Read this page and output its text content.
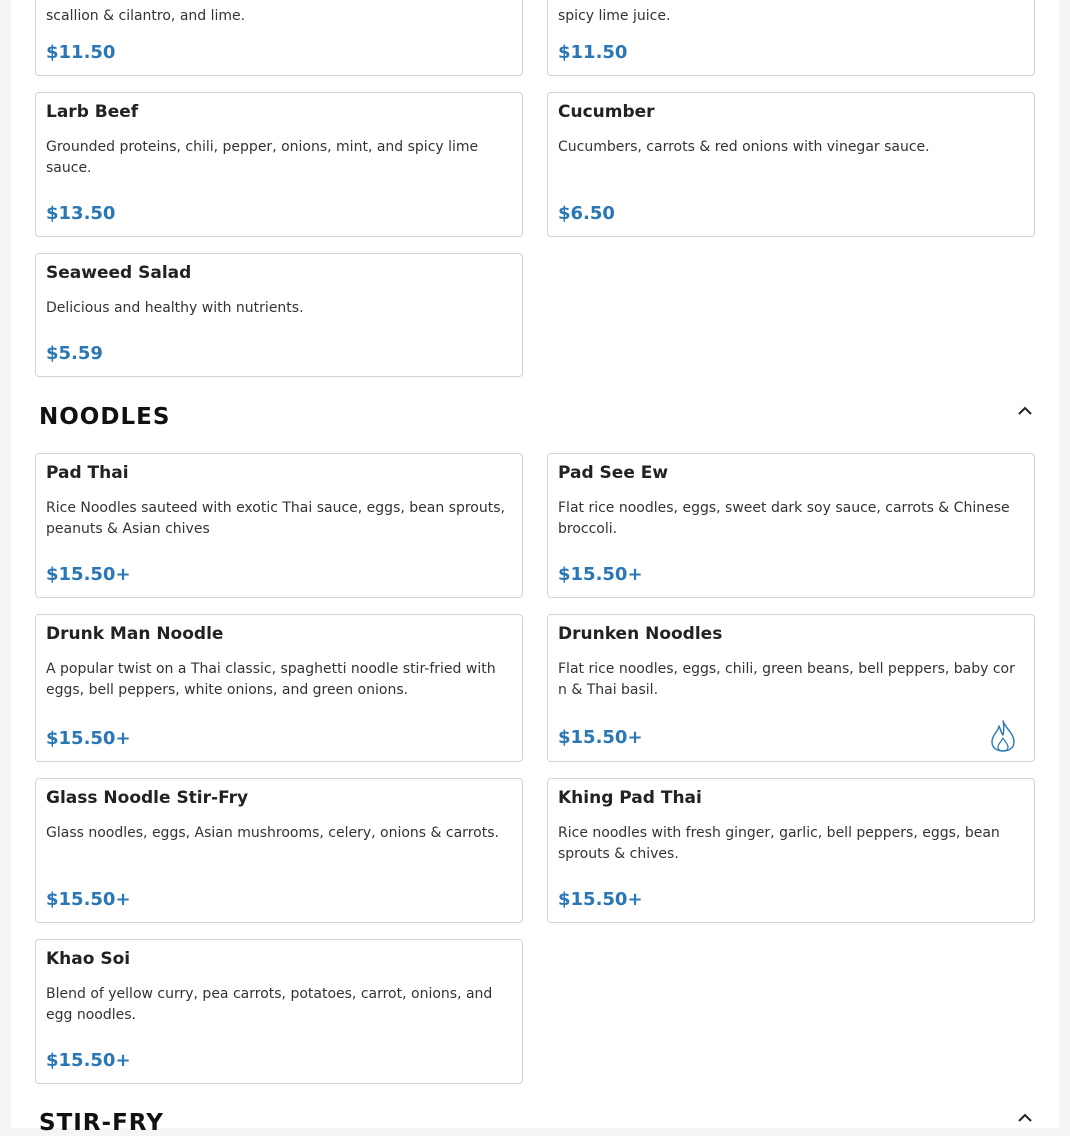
scallion & cilantro, and lime.
$11.50
spicy lime juice.
$11.50
Larb Beef
Grounded proteins, chili, pepper, onions, mint, and spicy lime sauce.
$13.50
Cucumber
Cucumbers, carrots & red onions with vinegar sauce.
$6.50
Seaweed Salad
Delicious and healthy with nutrients.
$5.59
NOODLES
Pad Thai
Rice Noodles sauteed with exotic Thai sauce, eggs, bean sprouts, peanuts & Asian chives
$15.50+
Pad See Ew
Flat rice noodles, eggs, sweet dark soy sauce, carrots & Chinese broccoli.
$15.50+
Drunk Man Noodle
A popular twist on a Thai classic, spaghetti noodle stir-fried with eggs, bell peppers, white onions, and green onions.
$15.50+
Drunken Noodles
Flat rice noodles, eggs, chili, green beans, bell peppers, baby cor n & Thai basil.
$15.50+
Glass Noodle Stir-Fry
Glass noodles, eggs, Asian mushrooms, celery, onions & carrots.
$15.50+
Khing Pad Thai
Rice noodles with fresh ginger, garlic, bell peppers, eggs, bean sprouts & chives.
$15.50+
Khao Soi
Blend of yellow curry, pea carrots, potatoes, carrot, onions, and egg noodles.
$15.50+
STIR-FRY
